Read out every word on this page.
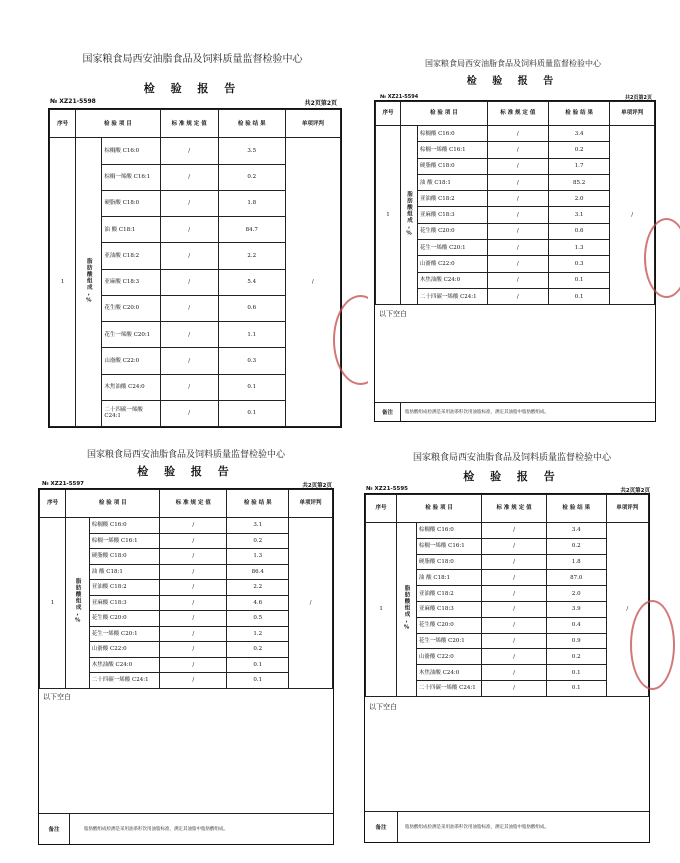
国家粮食局西安油脂食品及饲料质量监督检验中心
检 验 报 告
№ XZ21-5598	共2页第2页
序号	检 验 项 目		标 准 规 定 值	检 验 结 果	单项评判
1	脂肪酸组成,%	棕榈酸 C16:0	/	3.5	/
		棕榈一烯酸 C16:1	/	0.2	
		硬脂酸 C18:0	/	1.8	
		油 酸 C18:1	/	84.7	
		亚油酸 C18:2	/	2.2	
		亚麻酸 C18:3	/	5.4	
		花生酸 C20:0	/	0.6	
		花生一烯酸 C20:1	/	1.1	
		山嵛酸 C22:0	/	0.3	
		木焦油酸 C24:0	/	0.1	
		二十四碳一烯酸 C24:1	/	0.1	
国家粮食局西安油脂食品及饲料质量监督检验中心
检 验 报 告
№ XZ21-5594	共2页第2页
序号	检 验 项 目		标 准 规 定 值	检 验 结 果	单项评判
1	脂肪酸组成,%	棕榈酸 C16:0	/	3.4	/
		棕榈一烯酸 C16:1	/	0.2	
		硬脂酸 C18:0	/	1.7	
		油 酸 C18:1	/	85.2	
		亚油酸 C18:2	/	2.0	
		亚麻酸 C18:3	/	3.1	
		花生酸 C20:0	/	0.6	
		花生一烯酸 C20:1	/	1.3	
		山嵛酸 C22:0	/	0.3	
		木焦油酸 C24:0	/	0.1	
		二十四碳一烯酸 C24:1	/	0.1	
以下空白
备注	脂肪酸组成检测是采用油茶籽饮用油脂标准，测定其油脂中脂肪酸组成。
国家粮食局西安油脂食品及饲料质量监督检验中心
检 验 报 告
№ XZ21-5597	共2页第2页
序号	检 验 项 目		标 准 规 定 值	检 验 结 果	单项评判
1	脂肪酸组成,%	棕榈酸 C16:0	/	3.1	/
		棕榈一烯酸 C16:1	/	0.2	
		硬脂酸 C18:0	/	1.3	
		油 酸 C18:1	/	86.4	
		亚油酸 C18:2	/	2.2	
		亚麻酸 C18:3	/	4.6	
		花生酸 C20:0	/	0.5	
		花生一烯酸 C20:1	/	1.2	
		山嵛酸 C22:0	/	0.2	
		木焦油酸 C24:0	/	0.1	
		二十四碳一烯酸 C24:1	/	0.1	
以下空白
备注	脂肪酸组成检测是采用油茶籽饮用油脂标准，测定其油脂中脂肪酸组成。
国家粮食局西安油脂食品及饲料质量监督检验中心
检 验 报 告
№ XZ21-5595	共2页第2页
序号	检 验 项 目		标 准 规 定 值	检 验 结 果	单项评判
1	脂肪酸组成,%	棕榈酸 C16:0	/	3.4	/
		棕榈一烯酸 C16:1	/	0.2	
		硬脂酸 C18:0	/	1.8	
		油 酸 C18:1	/	87.0	
		亚油酸 C18:2	/	2.0	
		亚麻酸 C18:3	/	3.9	
		花生酸 C20:0	/	0.4	
		花生一烯酸 C20:1	/	0.9	
		山嵛酸 C22:0	/	0.2	
		木焦油酸 C24:0	/	0.1	
		二十四碳一烯酸 C24:1	/	0.1	
以下空白
备注	脂肪酸组成检测是采用油茶籽饮用油脂标准，测定其油脂中脂肪酸组成。
